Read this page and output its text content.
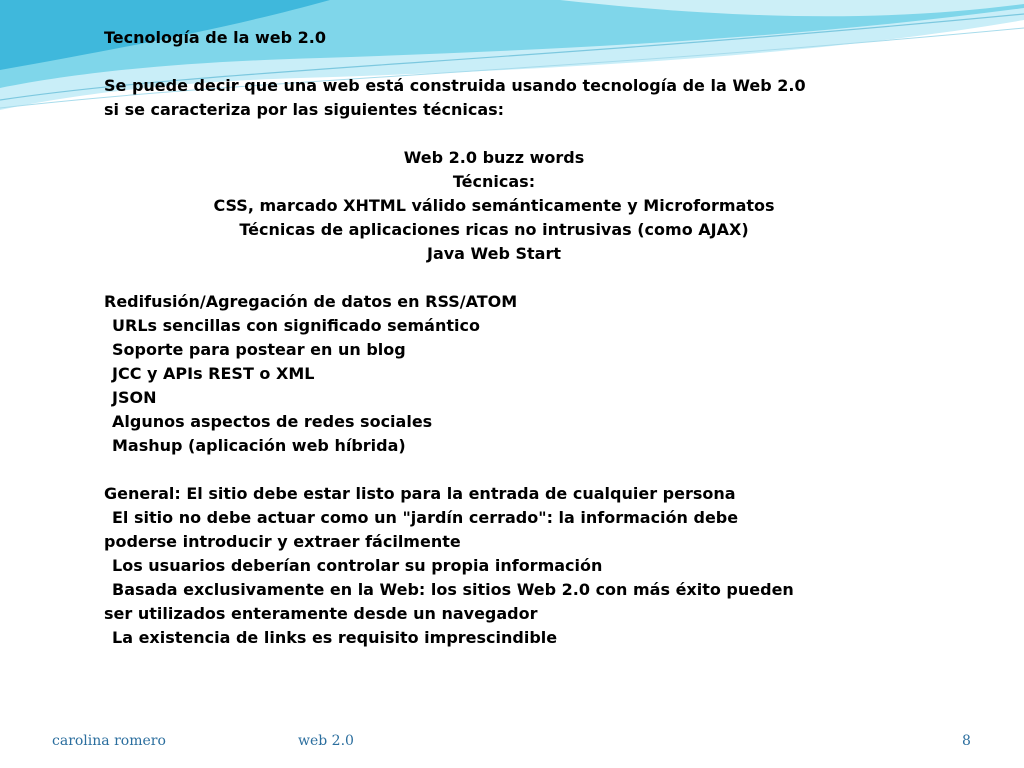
Tecnología de la web 2.0
Se puede decir que una web está construida usando tecnología de la Web 2.0
si se caracteriza por las siguientes técnicas:
Web 2.0 buzz words
Técnicas:
CSS, marcado XHTML válido semánticamente y Microformatos
Técnicas de aplicaciones ricas no intrusivas (como AJAX)
Java Web Start
Redifusión/Agregación de datos en RSS/ATOM
URLs sencillas con significado semántico
Soporte para postear en un blog
JCC y APIs REST o XML
JSON
Algunos aspectos de redes sociales
Mashup (aplicación web híbrida)
General: El sitio debe estar listo para la entrada de cualquier persona
El sitio no debe actuar como un "jardín cerrado": la información debe
poderse introducir y extraer fácilmente
Los usuarios deberían controlar su propia información
Basada exclusivamente en la Web: los sitios Web 2.0 con más éxito pueden
ser utilizados enteramente desde un navegador
La existencia de links es requisito imprescindible
carolina romero	web 2.0	8
